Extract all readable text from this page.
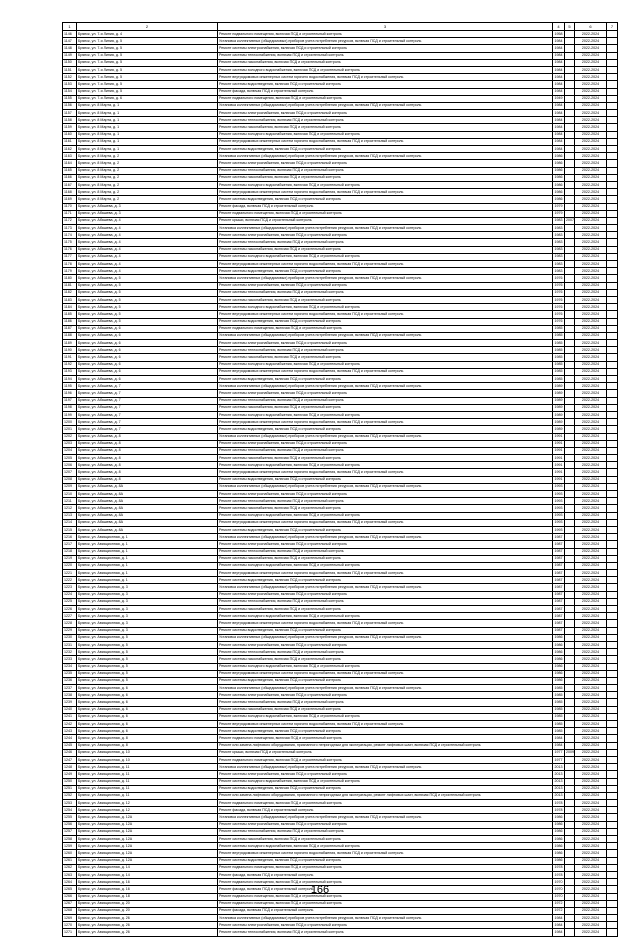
1	2	3	4	5	6	7
1146	Брянск, ул. 7-я Линия, д. 4	Ремонт подвального помещения, включая ПСД и строительный контроль	1958		2022-2024	
1147	Брянск, ул. 7-я Линия, д. 5	Установка коллективных (общедомовых) приборов учета потребления ресурсов, включая ПСД и строительный контроль	1984		2022-2024	
1148	Брянск, ул. 7-я Линия, д. 5	Ремонт системы электроснабжения, включая ПСД и строительный контроль	1984		2022-2024	
1149	Брянск, ул. 7-я Линия, д. 5	Ремонт системы теплоснабжения, включая ПСД и строительный контроль	1984		2022-2024	
1150	Брянск, ул. 7-я Линия, д. 5	Ремонт системы газоснабжения, включая ПСД и строительный контроль	1984		2022-2024	
1151	Брянск, ул. 7-я Линия, д. 5	Ремонт системы холодного водоснабжения, включая ПСД и строительный контроль	1984		2022-2024	
1152	Брянск, ул. 7-я Линия, д. 5	Ремонт внутридомовых инженерных систем горячего водоснабжения, включая ПСД и строительный контроль	1984		2022-2024	
1153	Брянск, ул. 7-я Линия, д. 5	Ремонт системы водоотведения, включая ПСД и строительный контроль	1984		2022-2024	
1154	Брянск, ул. 7-я Линия, д. 5	Ремонт фасада, включая ПСД и строительный контроль	1984		2022-2024	
1155	Брянск, ул. 7-я Линия, д. 6	Ремонт подвального помещения, включая ПСД и строительный контроль	1949		2022-2024	
1156	Брянск, ул. 8 Марта, д. 1	Установка коллективных (общедомовых) приборов учета потребления ресурсов, включая ПСД и строительный контроль	1984		2022-2024	
1157	Брянск, ул. 8 Марта, д. 1	Ремонт системы электроснабжения, включая ПСД и строительный контроль	1984		2022-2024	
1158	Брянск, ул. 8 Марта, д. 1	Ремонт системы теплоснабжения, включая ПСД и строительный контроль	1984		2022-2024	
1159	Брянск, ул. 8 Марта, д. 1	Ремонт системы газоснабжения, включая ПСД и строительный контроль	1984		2022-2024	
1160	Брянск, ул. 8 Марта, д. 1	Ремонт системы холодного водоснабжения, включая ПСД и строительный контроль	1984		2022-2024	
1161	Брянск, ул. 8 Марта, д. 1	Ремонт внутридомовых инженерных систем горячего водоснабжения, включая ПСД и строительный контроль	1984		2022-2024	
1162	Брянск, ул. 8 Марта, д. 1	Ремонт системы водоотведения, включая ПСД и строительный контроль	1984		2022-2024	
1163	Брянск, ул. 8 Марта, д. 2	Установка коллективных (общедомовых) приборов учета потребления ресурсов, включая ПСД и строительный контроль	1986		2022-2024	
1164	Брянск, ул. 8 Марта, д. 2	Ремонт системы электроснабжения, включая ПСД и строительный контроль	1986		2022-2024	
1165	Брянск, ул. 8 Марта, д. 2	Ремонт системы теплоснабжения, включая ПСД и строительный контроль	1986		2022-2024	
1166	Брянск, ул. 8 Марта, д. 2	Ремонт системы газоснабжения, включая ПСД и строительный контроль	1986		2022-2024	
1167	Брянск, ул. 8 Марта, д. 2	Ремонт системы холодного водоснабжения, включая ПСД и строительный контроль	1986		2022-2024	
1168	Брянск, ул. 8 Марта, д. 2	Ремонт внутридомовых инженерных систем горячего водоснабжения, включая ПСД и строительный контроль	1986		2022-2024	
1169	Брянск, ул. 8 Марта, д. 2	Ремонт системы водоотведения, включая ПСД и строительный контроль	1986		2022-2024	
1170	Брянск, ул. Абашева, д. 3	Ремонт фасада, включая ПСД и строительный контроль	1979		2022-2024	
1171	Брянск, ул. Абашева, д. 3	Ремонт подвального помещения, включая ПСД и строительный контроль	1979		2022-2024	
1172	Брянск, ул. Абашева, д. 4	Ремонт крыши, включая ПСД и строительный контроль	1983	2007	2022-2024	
1173	Брянск, ул. Абашева, д. 4	Установка коллективных (общедомовых) приборов учета потребления ресурсов, включая ПСД и строительный контроль	1983		2022-2024	
1174	Брянск, ул. Абашева, д. 4	Ремонт системы электроснабжения, включая ПСД и строительный контроль	1983		2022-2024	
1175	Брянск, ул. Абашева, д. 4	Ремонт системы теплоснабжения, включая ПСД и строительный контроль	1983		2022-2024	
1176	Брянск, ул. Абашева, д. 4	Ремонт системы газоснабжения, включая ПСД и строительный контроль	1983		2022-2024	
1177	Брянск, ул. Абашева, д. 4	Ремонт системы холодного водоснабжения, включая ПСД и строительный контроль	1983		2022-2024	
1178	Брянск, ул. Абашева, д. 4	Ремонт внутридомовых инженерных систем горячего водоснабжения, включая ПСД и строительный контроль	1983		2022-2024	
1179	Брянск, ул. Абашева, д. 4	Ремонт системы водоотведения, включая ПСД и строительный контроль	1983		2022-2024	
1180	Брянск, ул. Абашева, д. 5	Установка коллективных (общедомовых) приборов учета потребления ресурсов, включая ПСД и строительный контроль	1976		2022-2024	
1181	Брянск, ул. Абашева, д. 5	Ремонт системы электроснабжения, включая ПСД и строительный контроль	1976		2022-2024	
1182	Брянск, ул. Абашева, д. 5	Ремонт системы теплоснабжения, включая ПСД и строительный контроль	1976		2022-2024	
1183	Брянск, ул. Абашева, д. 5	Ремонт системы газоснабжения, включая ПСД и строительный контроль	1976		2022-2024	
1184	Брянск, ул. Абашева, д. 5	Ремонт системы холодного водоснабжения, включая ПСД и строительный контроль	1976		2022-2024	
1185	Брянск, ул. Абашева, д. 5	Ремонт внутридомовых инженерных систем горячего водоснабжения, включая ПСД и строительный контроль	1976		2022-2024	
1186	Брянск, ул. Абашева, д. 5	Ремонт системы водоотведения, включая ПСД и строительный контроль	1976		2022-2024	
1187	Брянск, ул. Абашева, д. 6	Ремонт подвального помещения, включая ПСД и строительный контроль	1985		2022-2024	
1188	Брянск, ул. Абашева, д. 6	Установка коллективных (общедомовых) приборов учета потребления ресурсов, включая ПСД и строительный контроль	1985		2022-2024	
1189	Брянск, ул. Абашева, д. 6	Ремонт системы электроснабжения, включая ПСД и строительный контроль	1985		2022-2024	
1190	Брянск, ул. Абашева, д. 6	Ремонт системы теплоснабжения, включая ПСД и строительный контроль	1985		2022-2024	
1191	Брянск, ул. Абашева, д. 6	Ремонт системы газоснабжения, включая ПСД и строительный контроль	1985		2022-2024	
1192	Брянск, ул. Абашева, д. 6	Ремонт системы холодного водоснабжения, включая ПСД и строительный контроль	1985		2022-2024	
1193	Брянск, ул. Абашева, д. 6	Ремонт внутридомовых инженерных систем горячего водоснабжения, включая ПСД и строительный контроль	1985		2022-2024	
1194	Брянск, ул. Абашева, д. 6	Ремонт системы водоотведения, включая ПСД и строительный контроль	1985		2022-2024	
1195	Брянск, ул. Абашева, д. 7	Установка коллективных (общедомовых) приборов учета потребления ресурсов, включая ПСД и строительный контроль	1989		2022-2024	
1196	Брянск, ул. Абашева, д. 7	Ремонт системы электроснабжения, включая ПСД и строительный контроль	1989		2022-2024	
1197	Брянск, ул. Абашева, д. 7	Ремонт системы теплоснабжения, включая ПСД и строительный контроль	1989		2022-2024	
1198	Брянск, ул. Абашева, д. 7	Ремонт системы газоснабжения, включая ПСД и строительный контроль	1989		2022-2024	
1199	Брянск, ул. Абашева, д. 7	Ремонт системы холодного водоснабжения, включая ПСД и строительный контроль	1989		2022-2024	
1200	Брянск, ул. Абашева, д. 7	Ремонт внутридомовых инженерных систем горячего водоснабжения, включая ПСД и строительный контроль	1989		2022-2024	
1201	Брянск, ул. Абашева, д. 7	Ремонт системы водоотведения, включая ПСД и строительный контроль	1989		2022-2024	
1202	Брянск, ул. Абашева, д. 8	Установка коллективных (общедомовых) приборов учета потребления ресурсов, включая ПСД и строительный контроль	1991		2022-2024	
1203	Брянск, ул. Абашева, д. 8	Ремонт системы электроснабжения, включая ПСД и строительный контроль	1991		2022-2024	
1204	Брянск, ул. Абашева, д. 8	Ремонт системы теплоснабжения, включая ПСД и строительный контроль	1991		2022-2024	
1205	Брянск, ул. Абашева, д. 8	Ремонт системы газоснабжения, включая ПСД и строительный контроль	1991		2022-2024	
1206	Брянск, ул. Абашева, д. 8	Ремонт системы холодного водоснабжения, включая ПСД и строительный контроль	1991		2022-2024	
1207	Брянск, ул. Абашева, д. 8	Ремонт внутридомовых инженерных систем горячего водоснабжения, включая ПСД и строительный контроль	1991		2022-2024	
1208	Брянск, ул. Абашева, д. 8	Ремонт системы водоотведения, включая ПСД и строительный контроль	1991		2022-2024	
1209	Брянск, ул. Абашева, д. 8А	Установка коллективных (общедомовых) приборов учета потребления ресурсов, включая ПСД и строительный контроль	1993		2022-2024	
1210	Брянск, ул. Абашева, д. 8А	Ремонт системы электроснабжения, включая ПСД и строительный контроль	1993		2022-2024	
1211	Брянск, ул. Абашева, д. 8А	Ремонт системы теплоснабжения, включая ПСД и строительный контроль	1993		2022-2024	
1212	Брянск, ул. Абашева, д. 8А	Ремонт системы газоснабжения, включая ПСД и строительный контроль	1993		2022-2024	
1213	Брянск, ул. Абашева, д. 8А	Ремонт системы холодного водоснабжения, включая ПСД и строительный контроль	1993		2022-2024	
1214	Брянск, ул. Абашева, д. 8А	Ремонт внутридомовых инженерных систем горячего водоснабжения, включая ПСД и строительный контроль	1993		2022-2024	
1215	Брянск, ул. Абашева, д. 8А	Ремонт системы водоотведения, включая ПСД и строительный контроль	1993		2022-2024	
1216	Брянск, ул. Авиационная, д. 1	Установка коллективных (общедомовых) приборов учета потребления ресурсов, включая ПСД и строительный контроль	1987		2022-2024	
1217	Брянск, ул. Авиационная, д. 1	Ремонт системы электроснабжения, включая ПСД и строительный контроль	1987		2022-2024	
1218	Брянск, ул. Авиационная, д. 1	Ремонт системы теплоснабжения, включая ПСД и строительный контроль	1987		2022-2024	
1219	Брянск, ул. Авиационная, д. 1	Ремонт системы газоснабжения, включая ПСД и строительный контроль	1987		2022-2024	
1220	Брянск, ул. Авиационная, д. 1	Ремонт системы холодного водоснабжения, включая ПСД и строительный контроль	1987		2022-2024	
1221	Брянск, ул. Авиационная, д. 1	Ремонт внутридомовых инженерных систем горячего водоснабжения, включая ПСД и строительный контроль	1987		2022-2024	
1222	Брянск, ул. Авиационная, д. 1	Ремонт системы водоотведения, включая ПСД и строительный контроль	1987		2022-2024	
1223	Брянск, ул. Авиационная, д. 3	Установка коллективных (общедомовых) приборов учета потребления ресурсов, включая ПСД и строительный контроль	1987		2022-2024	
1224	Брянск, ул. Авиационная, д. 3	Ремонт системы электроснабжения, включая ПСД и строительный контроль	1987		2022-2024	
1225	Брянск, ул. Авиационная, д. 3	Ремонт системы теплоснабжения, включая ПСД и строительный контроль	1987		2022-2024	
1226	Брянск, ул. Авиационная, д. 3	Ремонт системы газоснабжения, включая ПСД и строительный контроль	1987		2022-2024	
1227	Брянск, ул. Авиационная, д. 3	Ремонт системы холодного водоснабжения, включая ПСД и строительный контроль	1987		2022-2024	
1228	Брянск, ул. Авиационная, д. 3	Ремонт внутридомовых инженерных систем горячего водоснабжения, включая ПСД и строительный контроль	1987		2022-2024	
1229	Брянск, ул. Авиационная, д. 3	Ремонт системы водоотведения, включая ПСД и строительный контроль	1987		2022-2024	
1230	Брянск, ул. Авиационная, д. 5	Установка коллективных (общедомовых) приборов учета потребления ресурсов, включая ПСД и строительный контроль	1986		2022-2024	
1231	Брянск, ул. Авиационная, д. 5	Ремонт системы электроснабжения, включая ПСД и строительный контроль	1986		2022-2024	
1232	Брянск, ул. Авиационная, д. 5	Ремонт системы теплоснабжения, включая ПСД и строительный контроль	1986		2022-2024	
1233	Брянск, ул. Авиационная, д. 5	Ремонт системы газоснабжения, включая ПСД и строительный контроль	1986		2022-2024	
1234	Брянск, ул. Авиационная, д. 5	Ремонт системы холодного водоснабжения, включая ПСД и строительный контроль	1986		2022-2024	
1235	Брянск, ул. Авиационная, д. 5	Ремонт внутридомовых инженерных систем горячего водоснабжения, включая ПСД и строительный контроль	1986		2022-2024	
1236	Брянск, ул. Авиационная, д. 5	Ремонт системы водоотведения, включая ПСД и строительный контроль	1986		2022-2024	
1237	Брянск, ул. Авиационная, д. 6	Установка коллективных (общедомовых) приборов учета потребления ресурсов, включая ПСД и строительный контроль	1985		2022-2024	
1238	Брянск, ул. Авиационная, д. 6	Ремонт системы электроснабжения, включая ПСД и строительный контроль	1985		2022-2024	
1239	Брянск, ул. Авиационная, д. 6	Ремонт системы теплоснабжения, включая ПСД и строительный контроль	1985		2022-2024	
1240	Брянск, ул. Авиационная, д. 6	Ремонт системы газоснабжения, включая ПСД и строительный контроль	1985		2022-2024	
1241	Брянск, ул. Авиационная, д. 6	Ремонт системы холодного водоснабжения, включая ПСД и строительный контроль	1985		2022-2024	
1242	Брянск, ул. Авиационная, д. 6	Ремонт внутридомовых инженерных систем горячего водоснабжения, включая ПСД и строительный контроль	1985		2022-2024	
1243	Брянск, ул. Авиационная, д. 6	Ремонт системы водоотведения, включая ПСД и строительный контроль	1985		2022-2024	
1244	Брянск, ул. Авиационная, д. 8	Ремонт подвального помещения, включая ПСД и строительный контроль	1984		2022-2024	
1245	Брянск, ул. Авиационная, д. 8	Ремонт или замена лифтового оборудования, признанного непригодным для эксплуатации, ремонт лифтовых шахт, включая ПСД и строительный контроль	1984		2022-2024	
1246	Брянск, ул. Авиационная, д. 10	Ремонт крыши, включая ПСД и строительный контроль	1977	2009	2022-2024	
1247	Брянск, ул. Авиационная, д. 10	Ремонт подвального помещения, включая ПСД и строительный контроль	1977		2022-2024	
1248	Брянск, ул. Авиационная, д. 11	Установка коллективных (общедомовых) приборов учета потребления ресурсов, включая ПСД и строительный контроль	2013		2022-2024	
1249	Брянск, ул. Авиационная, д. 11	Ремонт системы электроснабжения, включая ПСД и строительный контроль	2013		2022-2024	
1250	Брянск, ул. Авиационная, д. 11	Ремонт системы холодного водоснабжения, включая ПСД и строительный контроль	2013		2022-2024	
1251	Брянск, ул. Авиационная, д. 11	Ремонт системы водоотведения, включая ПСД и строительный контроль	2013		2022-2024	
1252	Брянск, ул. Авиационная, д. 11	Ремонт или замена лифтового оборудования, признанного непригодным для эксплуатации, ремонт лифтовых шахт, включая ПСД и строительный контроль	2013		2022-2024	
1253	Брянск, ул. Авиационная, д. 12	Ремонт подвального помещения, включая ПСД и строительный контроль	1978		2022-2024	
1254	Брянск, ул. Авиационная, д. 12	Ремонт фасада, включая ПСД и строительный контроль	1978		2022-2024	
1255	Брянск, ул. Авиационная, д. 12А	Установка коллективных (общедомовых) приборов учета потребления ресурсов, включая ПСД и строительный контроль	1986		2022-2024	
1256	Брянск, ул. Авиационная, д. 12А	Ремонт системы электроснабжения, включая ПСД и строительный контроль	1986		2022-2024	
1257	Брянск, ул. Авиационная, д. 12А	Ремонт системы теплоснабжения, включая ПСД и строительный контроль	1986		2022-2024	
1258	Брянск, ул. Авиационная, д. 12А	Ремонт системы газоснабжения, включая ПСД и строительный контроль	1986		2022-2024	
1259	Брянск, ул. Авиационная, д. 12А	Ремонт системы холодного водоснабжения, включая ПСД и строительный контроль	1986		2022-2024	
1260	Брянск, ул. Авиационная, д. 12А	Ремонт внутридомовых инженерных систем горячего водоснабжения, включая ПСД и строительный контроль	1986		2022-2024	
1261	Брянск, ул. Авиационная, д. 12А	Ремонт системы водоотведения, включая ПСД и строительный контроль	1986		2022-2024	
1262	Брянск, ул. Авиационная, д. 14	Ремонт подвального помещения, включая ПСД и строительный контроль	1978		2022-2024	
1263	Брянск, ул. Авиационная, д. 14	Ремонт фасада, включая ПСД и строительный контроль	1978		2022-2024	
1264	Брянск, ул. Авиационная, д. 16	Ремонт подвального помещения, включая ПСД и строительный контроль	1970		2022-2024	
1265	Брянск, ул. Авиационная, д. 16	Ремонт фасада, включая ПСД и строительный контроль	1970		2022-2024	
1266	Брянск, ул. Авиационная, д. 18	Ремонт подвального помещения, включая ПСД и строительный контроль	1970		2022-2024	
1267	Брянск, ул. Авиационная, д. 20	Ремонт подвального помещения, включая ПСД и строительный контроль	1972		2022-2024	
1268	Брянск, ул. Авиационная, д. 20	Ремонт фасада, включая ПСД и строительный контроль	1972		2022-2024	
1269	Брянск, ул. Авиационная, д. 26	Установка коллективных (общедомовых) приборов учета потребления ресурсов, включая ПСД и строительный контроль	1984		2022-2024	
1270	Брянск, ул. Авиационная, д. 26	Ремонт системы электроснабжения, включая ПСД и строительный контроль	1984		2022-2024	
1271	Брянск, ул. Авиационная, д. 26	Ремонт системы теплоснабжения, включая ПСД и строительный контроль	1984		2022-2024	
166
